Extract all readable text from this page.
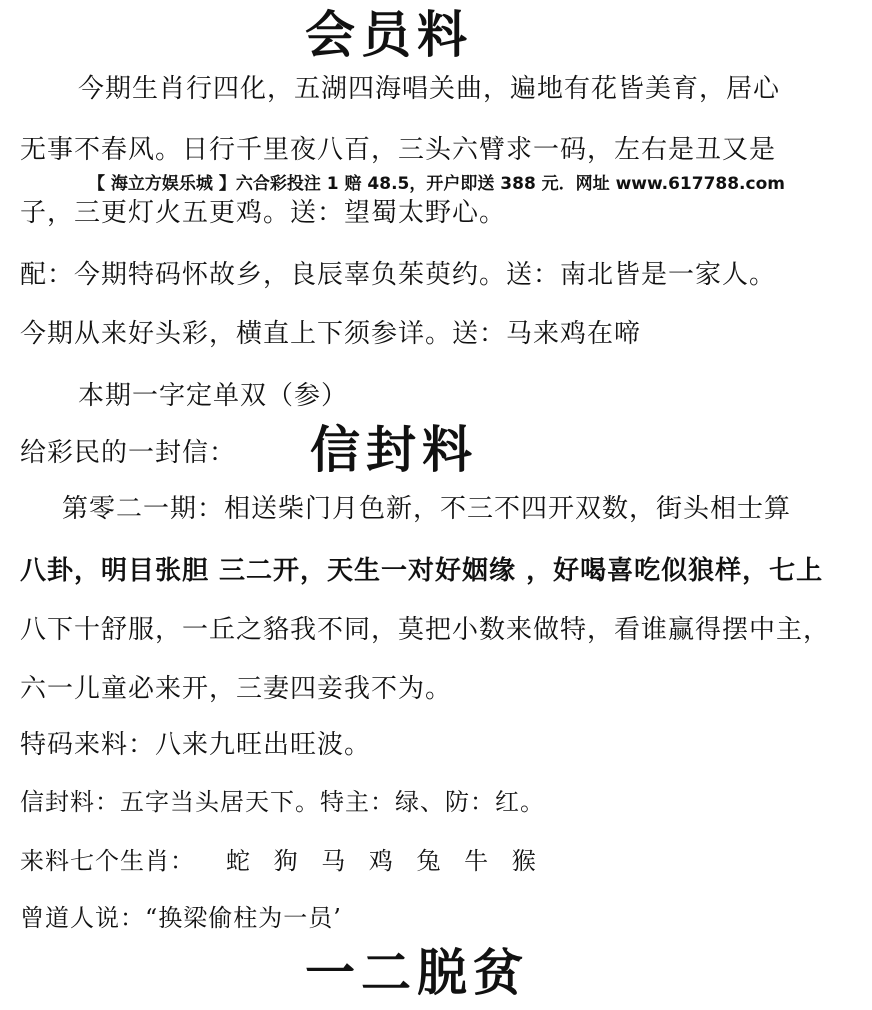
会员料
今期生肖行四化，五湖四海唱关曲，遍地有花皆美育，居心
无事不春风。日行千里夜八百，三头六臂求一码，左右是丑又是
【 海立方娱乐城 】六合彩投注 1 赔 48.5，开户即送 388 元．网址 www.617788.com
子，三更灯火五更鸡。送：望蜀太野心。
配：今期特码怀故乡，良辰辜负茱萸约。送：南北皆是一家人。
今期从来好头彩，横直上下须参详。送：马来鸡在啼
本期一字定单双（参）
给彩民的一封信： 信封料
第零二一期：相送柴门月色新，不三不四开双数，街头相士算
八卦，明目张胆 三二开，天生一对好姻缘 ，好喝喜吃似狼样，七上
八下十舒服，一丘之貉我不同，莫把小数来做特，看谁赢得摆中主，
六一儿童必来开，三妻四妾我不为。
特码来料：八来九旺出旺波。
信封料：五字当头居天下。特主：绿、防：红。
来料七个生肖： 蛇 狗 马 鸡 兔 牛 猴
曾道人说：“换梁偷柱为一员’
一二脱贫
